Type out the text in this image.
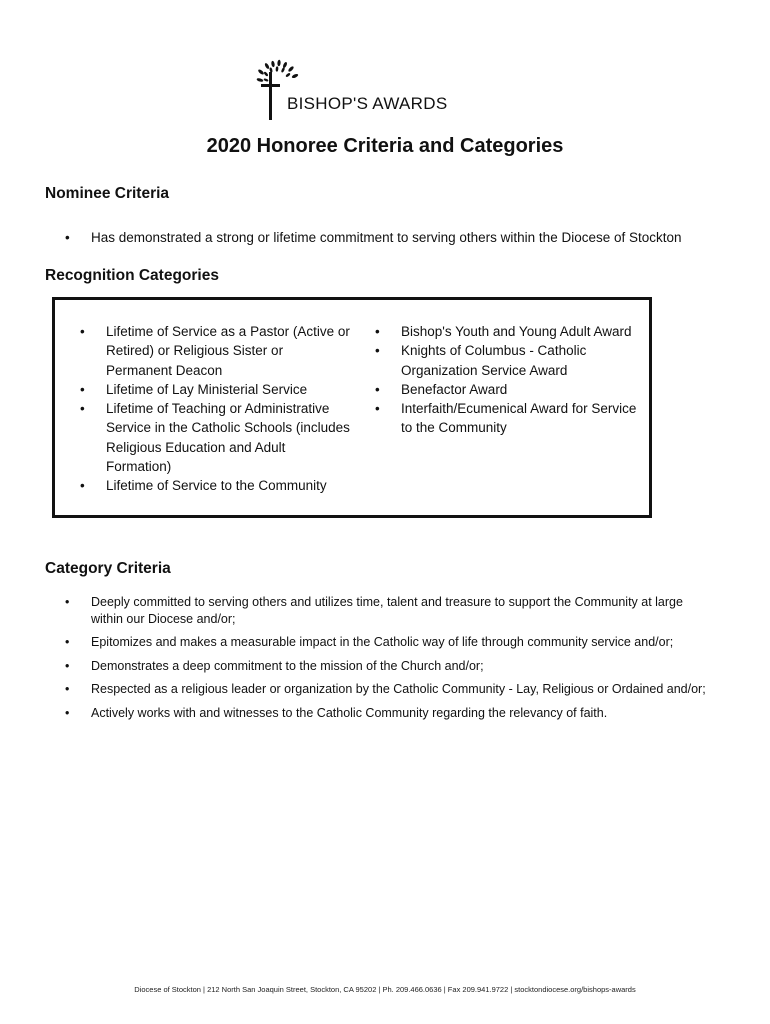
BISHOP'S AWARDS
2020 Honoree Criteria and Categories
Nominee Criteria
•	Has demonstrated a strong or lifetime commitment to serving others within the Diocese of Stockton
Recognition Categories
•	Lifetime of Service as a Pastor (Active or Retired) or Religious Sister or Permanent Deacon
•	Lifetime of Lay Ministerial Service
•	Lifetime of Teaching or Administrative Service in the Catholic Schools (includes Religious Education and Adult Formation)
•	Lifetime of Service to the Community
•	Bishop's Youth and Young Adult Award
•	Knights of Columbus - Catholic Organization Service Award
•	Benefactor Award
•	Interfaith/Ecumenical Award for Service to the Community
Category Criteria
•	Deeply committed to serving others and utilizes time, talent and treasure to support the Community at large within our Diocese and/or;
•	Epitomizes and makes a measurable impact in the Catholic way of life through community service and/or;
•	Demonstrates a deep commitment to the mission of the Church and/or;
•	Respected as a religious leader or organization by the Catholic Community - Lay, Religious or Ordained and/or;
•	Actively works with and witnesses to the Catholic Community regarding the relevancy of faith.
Diocese of Stockton | 212 North San Joaquin Street, Stockton, CA 95202 | Ph. 209.466.0636 | Fax 209.941.9722 | stocktondiocese.org/bishops-awards
